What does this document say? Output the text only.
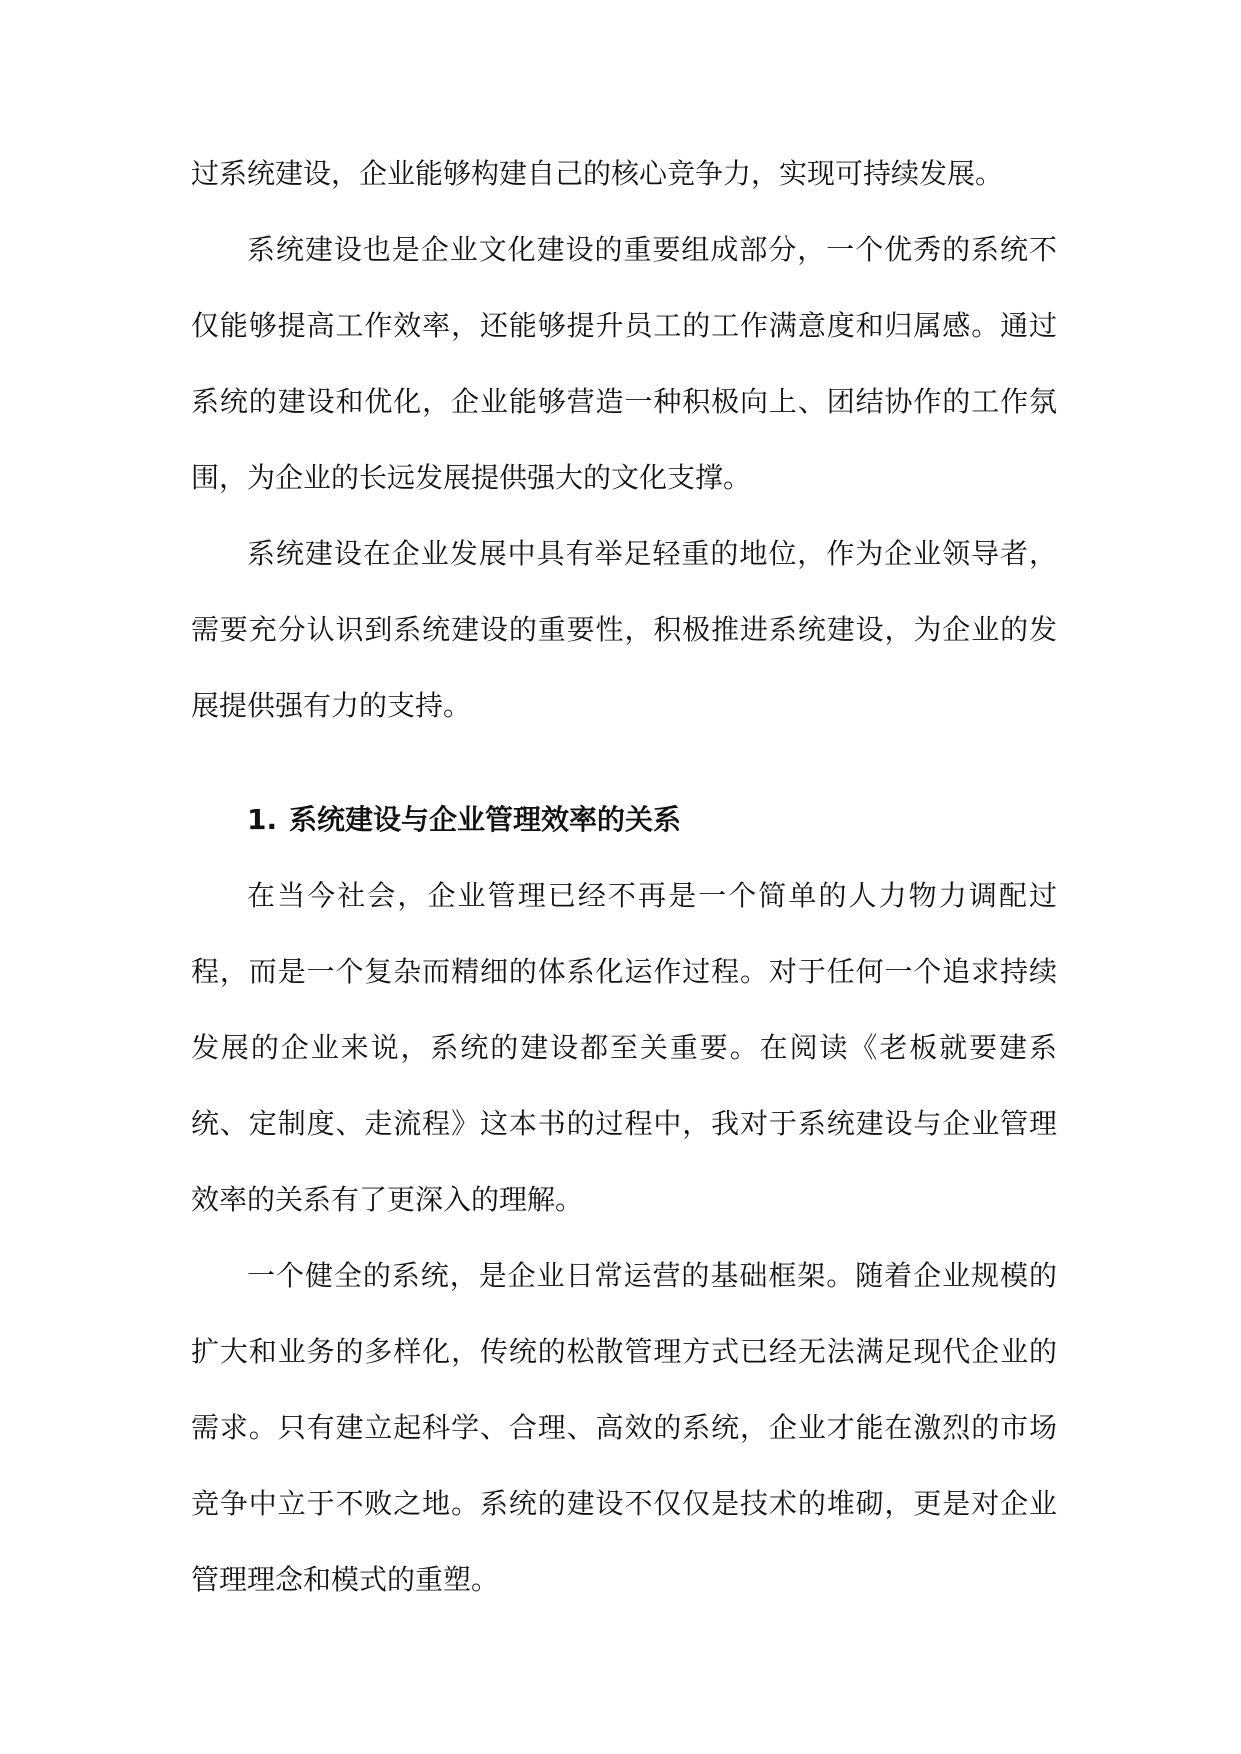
过系统建设，企业能够构建自己的核心竞争力，实现可持续发展。

系统建设也是企业文化建设的重要组成部分，一个优秀的系统不仅能够提高工作效率，还能够提升员工的工作满意度和归属感。通过系统的建设和优化，企业能够营造一种积极向上、团结协作的工作氛围，为企业的长远发展提供强大的文化支撑。

系统建设在企业发展中具有举足轻重的地位，作为企业领导者，需要充分认识到系统建设的重要性，积极推进系统建设，为企业的发展提供强有力的支持。

1. 系统建设与企业管理效率的关系

在当今社会，企业管理已经不再是一个简单的人力物力调配过程，而是一个复杂而精细的体系化运作过程。对于任何一个追求持续发展的企业来说，系统的建设都至关重要。在阅读《老板就要建系统、定制度、走流程》这本书的过程中，我对于系统建设与企业管理效率的关系有了更深入的理解。

一个健全的系统，是企业日常运营的基础框架。随着企业规模的扩大和业务的多样化，传统的松散管理方式已经无法满足现代企业的需求。只有建立起科学、合理、高效的系统，企业才能在激烈的市场竞争中立于不败之地。系统的建设不仅仅是技术的堆砌，更是对企业管理理念和模式的重塑。
